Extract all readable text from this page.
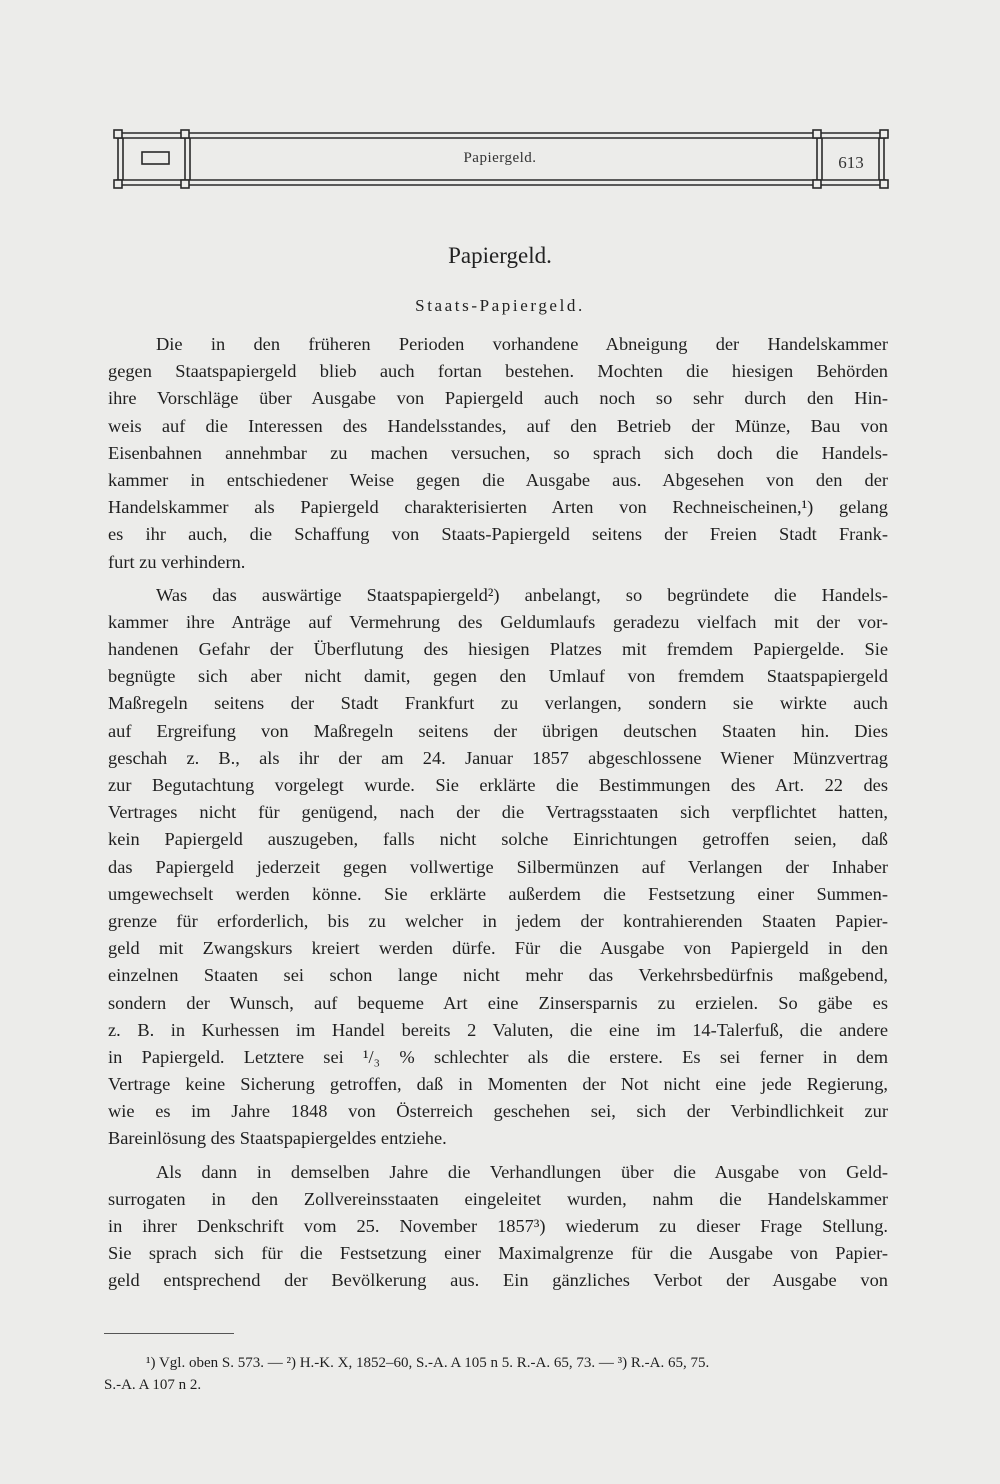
Papiergeld.	613
Papiergeld.
Staats-Papiergeld.
Die in den früheren Perioden vorhandene Abneigung der Handelskammer
gegen Staatspapiergeld blieb auch fortan bestehen. Mochten die hiesigen Behörden
ihre Vorschläge über Ausgabe von Papiergeld auch noch so sehr durch den Hin-
weis auf die Interessen des Handelsstandes, auf den Betrieb der Münze, Bau von
Eisenbahnen annehmbar zu machen versuchen, so sprach sich doch die Handels-
kammer in entschiedener Weise gegen die Ausgabe aus. Abgesehen von den der
Handelskammer als Papiergeld charakterisierten Arten von Rechneischeinen,¹) gelang
es ihr auch, die Schaffung von Staats-Papiergeld seitens der Freien Stadt Frank-
furt zu verhindern.
Was das auswärtige Staatspapiergeld²) anbelangt, so begründete die Handels-
kammer ihre Anträge auf Vermehrung des Geldumlaufs geradezu vielfach mit der vor-
handenen Gefahr der Überflutung des hiesigen Platzes mit fremdem Papiergelde. Sie
begnügte sich aber nicht damit, gegen den Umlauf von fremdem Staatspapiergeld
Maßregeln seitens der Stadt Frankfurt zu verlangen, sondern sie wirkte auch
auf Ergreifung von Maßregeln seitens der übrigen deutschen Staaten hin. Dies
geschah z. B., als ihr der am 24. Januar 1857 abgeschlossene Wiener Münzvertrag
zur Begutachtung vorgelegt wurde. Sie erklärte die Bestimmungen des Art. 22 des
Vertrages nicht für genügend, nach der die Vertragsstaaten sich verpflichtet hatten,
kein Papiergeld auszugeben, falls nicht solche Einrichtungen getroffen seien, daß
das Papiergeld jederzeit gegen vollwertige Silbermünzen auf Verlangen der Inhaber
umgewechselt werden könne. Sie erklärte außerdem die Festsetzung einer Summen-
grenze für erforderlich, bis zu welcher in jedem der kontrahierenden Staaten Papier-
geld mit Zwangskurs kreiert werden dürfe. Für die Ausgabe von Papiergeld in den
einzelnen Staaten sei schon lange nicht mehr das Verkehrsbedürfnis maßgebend,
sondern der Wunsch, auf bequeme Art eine Zinsersparnis zu erzielen. So gäbe es
z. B. in Kurhessen im Handel bereits 2 Valuten, die eine im 14-Talerfuß, die andere
in Papiergeld. Letztere sei ¹/₃ % schlechter als die erstere. Es sei ferner in dem
Vertrage keine Sicherung getroffen, daß in Momenten der Not nicht eine jede Regierung,
wie es im Jahre 1848 von Österreich geschehen sei, sich der Verbindlichkeit zur
Bareinlösung des Staatspapiergeldes entziehe.
Als dann in demselben Jahre die Verhandlungen über die Ausgabe von Geld-
surrogaten in den Zollvereinsstaaten eingeleitet wurden, nahm die Handelskammer
in ihrer Denkschrift vom 25. November 1857³) wiederum zu dieser Frage Stellung.
Sie sprach sich für die Festsetzung einer Maximalgrenze für die Ausgabe von Papier-
geld entsprechend der Bevölkerung aus. Ein gänzliches Verbot der Ausgabe von
¹) Vgl. oben S. 573. — ²) H.-K. X, 1852–60, S.-A. A 105 n 5. R.-A. 65, 73. — ³) R.-A. 65, 75.
S.-A. A 107 n 2.
